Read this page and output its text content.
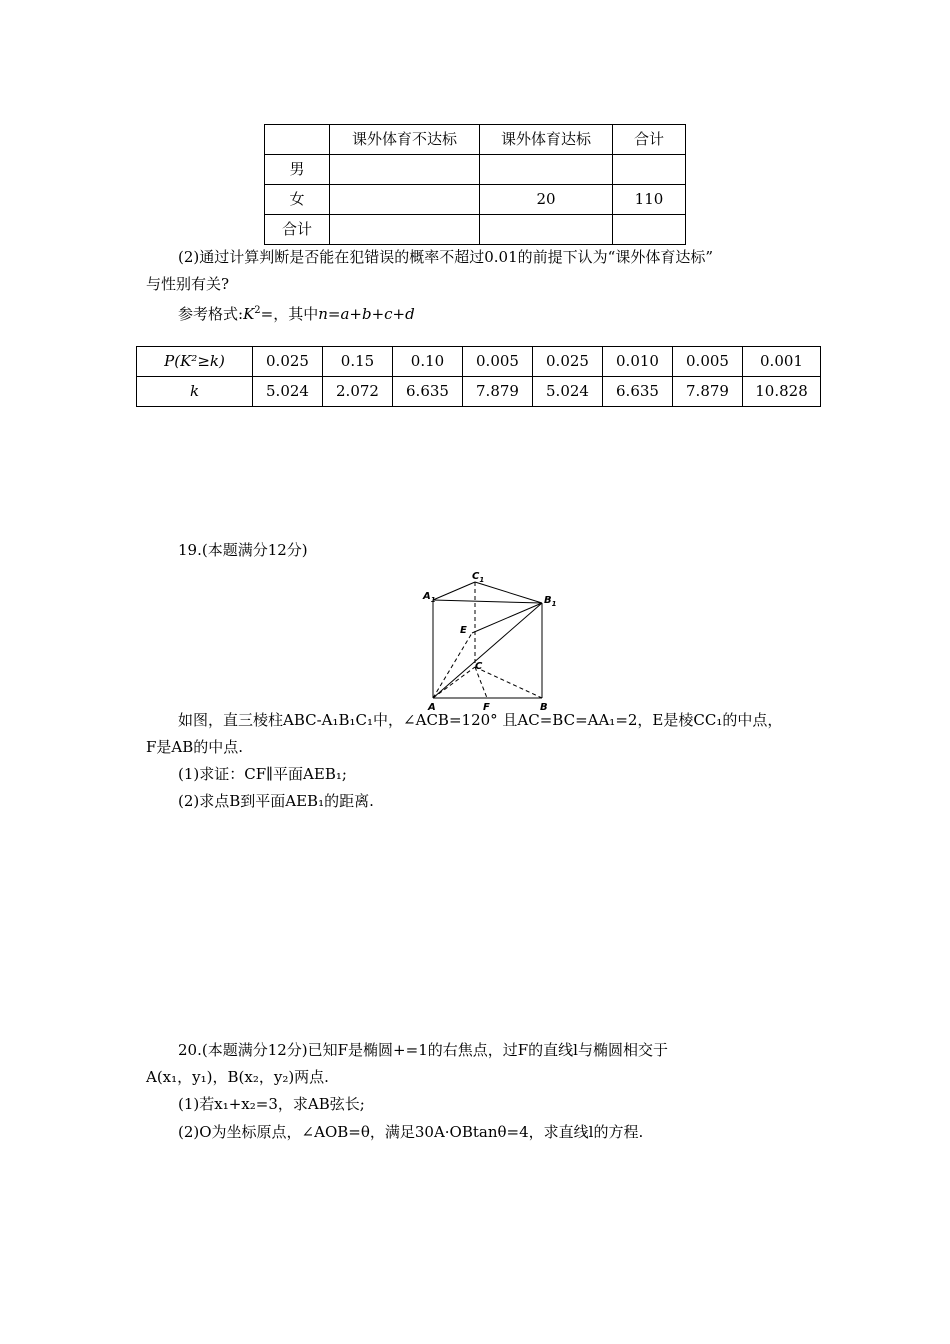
	课外体育不达标	课外体育达标	合计
男			
女		20	110
合计			
(2)通过计算判断是否能在犯错误的概率不超过0.01的前提下认为“课外体育达标”
与性别有关?
参考格式$:K^2=$，其中n=a+b+c+d
P(K²≥k)	0.025	0.15	0.10	0.005	0.025	0.010	0.005	0.001
k	5.024	2.072	6.635	7.879	5.024	6.635	7.879	10.828
19.(本题满分12分)
$A_1$
$C_1$
$B_1$
E
C
A	F	B
如图，直三棱柱ABC-A₁B₁C₁中，∠ACB=120° 且AC=BC=AA₁=2，E是棱CC₁的中点，
F是AB的中点.
(1)求证：CF∥平面AEB₁;
(2)求点B到平面AEB₁的距离.
20.(本题满分12分)已知F是椭圆+=1的右焦点，过F的直线l与椭圆相交于
A(x₁，y₁)，B(x₂，y₂)两点.
(1)若x₁+x₂=3，求AB弦长;
(2)O为坐标原点，∠AOB=θ，满足30A·OBtanθ=4，求直线l的方程.
